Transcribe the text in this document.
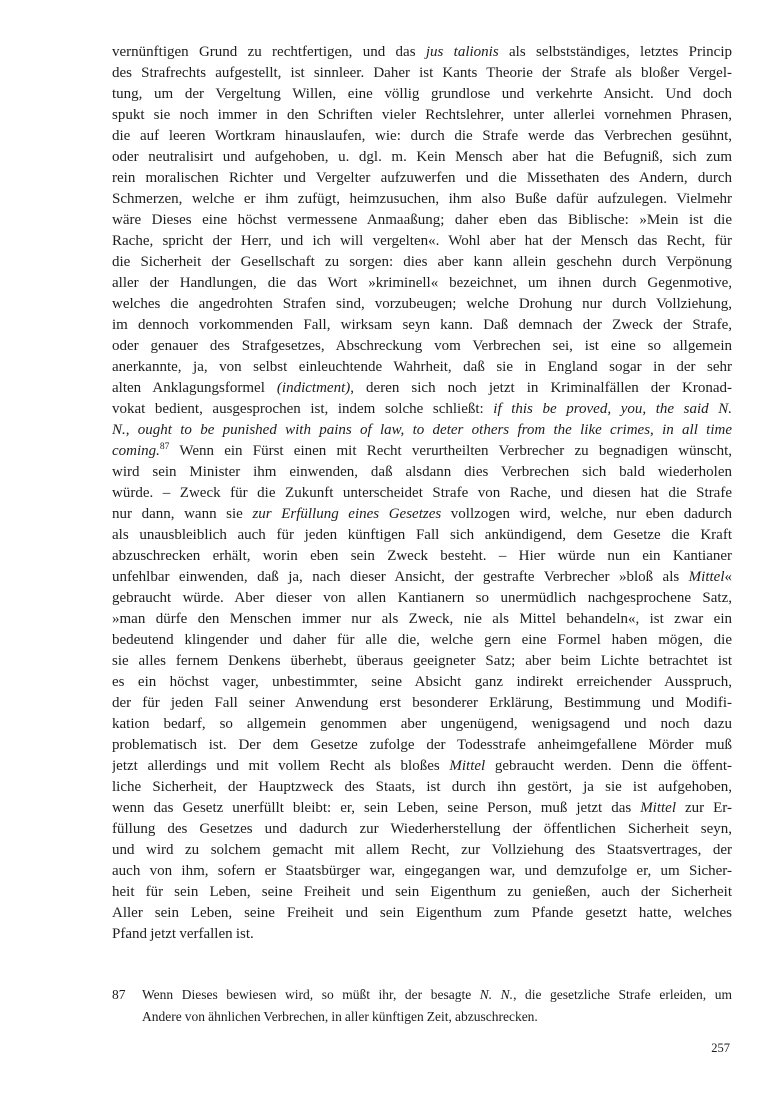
vernünftigen Grund zu rechtfertigen, und das jus talionis als selbstständiges, letztes Princip
des Strafrechts aufgestellt, ist sinnleer. Daher ist Kants Theorie der Strafe als bloßer Vergel-
tung, um der Vergeltung Willen, eine völlig grundlose und verkehrte Ansicht. Und doch
spukt sie noch immer in den Schriften vieler Rechtslehrer, unter allerlei vornehmen Phrasen,
die auf leeren Wortkram hinauslaufen, wie: durch die Strafe werde das Verbrechen gesühnt,
oder neutralisirt und aufgehoben, u. dgl. m. Kein Mensch aber hat die Befugniß, sich zum
rein moralischen Richter und Vergelter aufzuwerfen und die Missethaten des Andern, durch
Schmerzen, welche er ihm zufügt, heimzusuchen, ihm also Buße dafür aufzulegen. Vielmehr
wäre Dieses eine höchst vermessene Anmaaßung; daher eben das Biblische: »Mein ist die
Rache, spricht der Herr, und ich will vergelten«. Wohl aber hat der Mensch das Recht, für
die Sicherheit der Gesellschaft zu sorgen: dies aber kann allein geschehn durch Verpönung
aller der Handlungen, die das Wort »kriminell« bezeichnet, um ihnen durch Gegenmotive,
welches die angedrohten Strafen sind, vorzubeugen; welche Drohung nur durch Vollziehung,
im dennoch vorkommenden Fall, wirksam seyn kann. Daß demnach der Zweck der Strafe,
oder genauer des Strafgesetzes, Abschreckung vom Verbrechen sei, ist eine so allgemein
anerkannte, ja, von selbst einleuchtende Wahrheit, daß sie in England sogar in der sehr
alten Anklagungsformel (indictment), deren sich noch jetzt in Kriminalfällen der Kronad-
vokat bedient, ausgesprochen ist, indem solche schließt: if this be proved, you, the said N.
N., ought to be punished with pains of law, to deter others from the like crimes, in all time
coming.$^{87}$ Wenn ein Fürst einen mit Recht verurtheilten Verbrecher zu begnadigen wünscht,
wird sein Minister ihm einwenden, daß alsdann dies Verbrechen sich bald wiederholen
würde. – Zweck für die Zukunft unterscheidet Strafe von Rache, und diesen hat die Strafe
nur dann, wann sie zur Erfüllung eines Gesetzes vollzogen wird, welche, nur eben dadurch
als unausbleiblich auch für jeden künftigen Fall sich ankündigend, dem Gesetze die Kraft
abzuschrecken erhält, worin eben sein Zweck besteht. – Hier würde nun ein Kantianer
unfehlbar einwenden, daß ja, nach dieser Ansicht, der gestrafte Verbrecher »bloß als Mittel«
gebraucht würde. Aber dieser von allen Kantianern so unermüdlich nachgesprochene Satz,
»man dürfe den Menschen immer nur als Zweck, nie als Mittel behandeln«, ist zwar ein
bedeutend klingender und daher für alle die, welche gern eine Formel haben mögen, die
sie alles fernem Denkens überhebt, überaus geeigneter Satz; aber beim Lichte betrachtet ist
es ein höchst vager, unbestimmter, seine Absicht ganz indirekt erreichender Ausspruch,
der für jeden Fall seiner Anwendung erst besonderer Erklärung, Bestimmung und Modifi-
kation bedarf, so allgemein genommen aber ungenügend, wenigsagend und noch dazu
problematisch ist. Der dem Gesetze zufolge der Todesstrafe anheimgefallene Mörder muß
jetzt allerdings und mit vollem Recht als bloßes Mittel gebraucht werden. Denn die öffent-
liche Sicherheit, der Hauptzweck des Staats, ist durch ihn gestört, ja sie ist aufgehoben,
wenn das Gesetz unerfüllt bleibt: er, sein Leben, seine Person, muß jetzt das Mittel zur Er-
füllung des Gesetzes und dadurch zur Wiederherstellung der öffentlichen Sicherheit seyn,
und wird zu solchem gemacht mit allem Recht, zur Vollziehung des Staatsvertrages, der
auch von ihm, sofern er Staatsbürger war, eingegangen war, und demzufolge er, um Sicher-
heit für sein Leben, seine Freiheit und sein Eigenthum zu genießen, auch der Sicherheit
Aller sein Leben, seine Freiheit und sein Eigenthum zum Pfande gesetzt hatte, welches
Pfand jetzt verfallen ist.
87	Wenn Dieses bewiesen wird, so müßt ihr, der besagte N. N., die gesetzliche Strafe erleiden, um
Andere von ähnlichen Verbrechen, in aller künftigen Zeit, abzuschrecken.
257
